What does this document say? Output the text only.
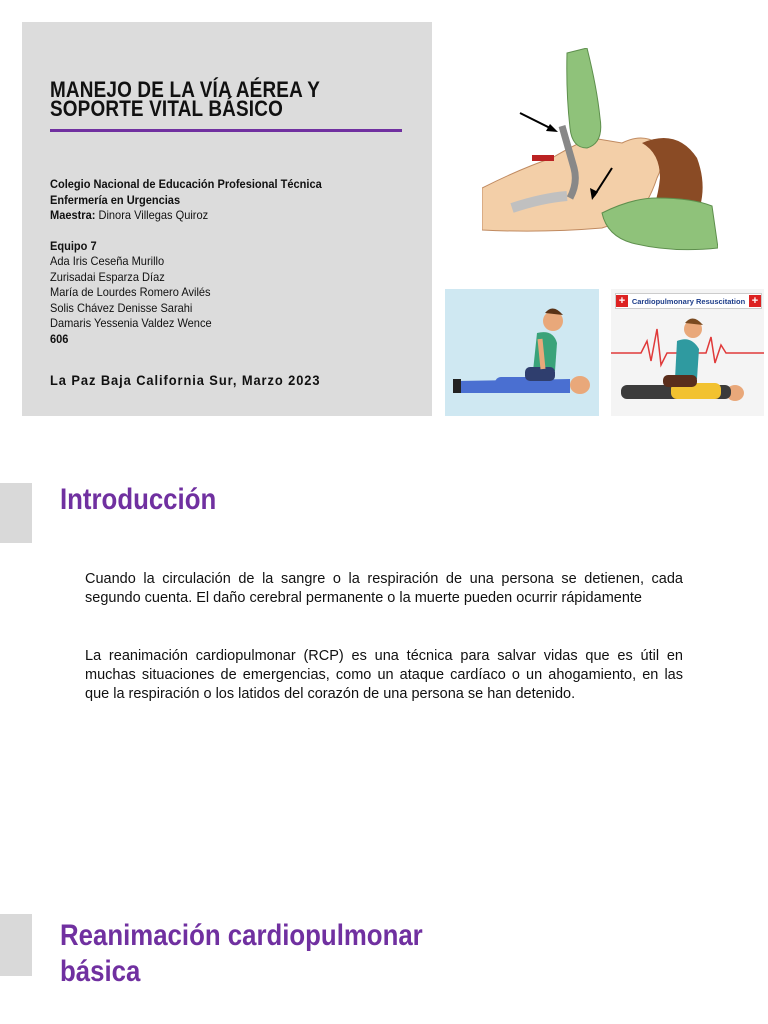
MANEJO DE LA VÍA AÉREA Y
SOPORTE VITAL BÁSICO
Colegio Nacional de Educación Profesional Técnica
Enfermería en Urgencias
Maestra: Dinora Villegas Quiroz
Equipo 7
Ada Iris Ceseña Murillo
Zurisadai Esparza Díaz
María de Lourdes Romero Avilés
Solis Chávez Denisse Sarahi
Damaris Yessenia Valdez Wence
606
La Paz Baja California Sur, Marzo 2023
+ Cardiopulmonary Resuscitation +
Introducción

Cuando la circulación de la sangre o la respiración de una persona se detienen, cada segundo cuenta. El daño cerebral permanente o la muerte pueden ocurrir rápidamente

La reanimación cardiopulmonar (RCP) es una técnica para salvar vidas que es útil en muchas situaciones de emergencias, como un ataque cardíaco o un ahogamiento, en las que la respiración o los latidos del corazón de una persona se han detenido.

Reanimación cardiopulmonar
básica
